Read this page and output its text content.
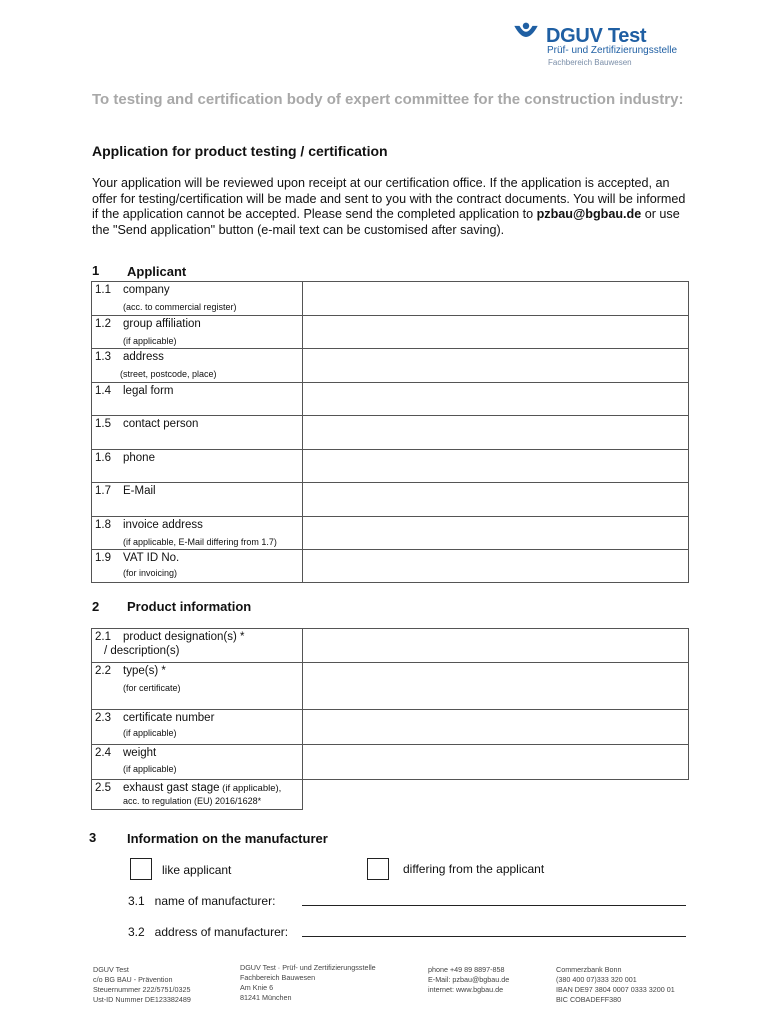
DGUV Test
Prüf- und Zertifizierungsstelle
Fachbereich Bauwesen
To testing and certification body of expert committee for the construction industry:
Application for product testing / certification
Your application will be reviewed upon receipt at our certification office. If the application is accepted, an offer for testing/certification will be made and sent to you with the contract documents. You will be informed if the application cannot be accepted. Please send the completed application to pzbau@bgbau.de or use the "Send application" button (e-mail text can be customised after saving).
1 Applicant
1.1 company
(acc. to commercial register)	

1.2 group affiliation
(if applicable)	

1.3 address
(street, postcode, place)	

1.4 legal form	

1.5 contact person	

1.6 phone	

1.7 E-Mail	

1.8 invoice address
(if applicable, E-Mail differing from 1.7)	

1.9 VAT ID No.
(for invoicing)	

2 Product information
2.1 product designation(s) *
/ description(s)	

2.2 type(s) *
(for certificate)	

2.3 certificate number
(if applicable)	

2.4 weight
(if applicable)	

2.5 exhaust gast stage (if applicable),
acc. to regulation (EU) 2016/1628*	

3 Information on the manufacturer
like applicant	differing from the applicant
3.1   name of manufacturer:
3.2   address of manufacturer:
DGUV Test
c/o BG BAU - Prävention
Steuernummer 222/5751/0325
Ust-ID Nummer DE123382489
DGUV Test · Prüf- und Zertifizierungsstelle
Fachbereich Bauwesen
Am Knie 6
81241 München
phone +49 89 8897-858
E-Mail: pzbau@bgbau.de
internet: www.bgbau.de
Commerzbank Bonn
(380 400 07)333 320 001
IBAN DE97 3804 0007 0333 3200 01
BIC COBADEFF380
